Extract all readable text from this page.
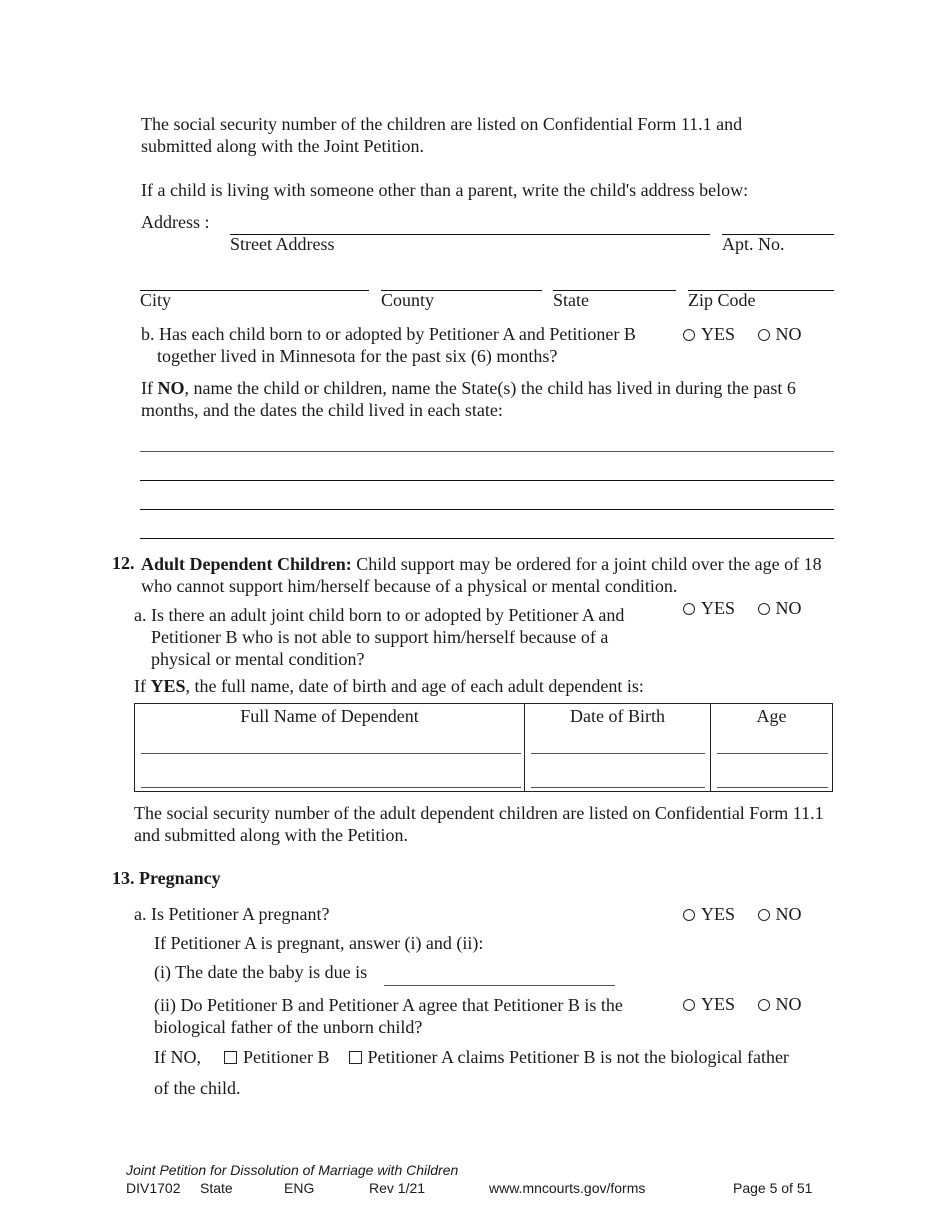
The social security number of the children are listed on Confidential Form 11.1 and submitted along with the Joint Petition.
If a child is living with someone other than a parent, write the child's address below:
Address :
Street Address	Apt. No.
City	County	State	Zip Code
b. Has each child born to or adopted by Petitioner A and Petitioner B
together lived in Minnesota for the past six (6) months?
YES NO
If NO, name the child or children, name the State(s) the child has lived in during the past 6 months, and the dates the child lived in each state:
12. Adult Dependent Children: Child support may be ordered for a joint child over the age of 18 who cannot support him/herself because of a physical or mental condition.
a. Is there an adult joint child born to or adopted by Petitioner A and
Petitioner B who is not able to support him/herself because of a
physical or mental condition?
YES NO
If YES, the full name, date of birth and age of each adult dependent is:
Full Name of Dependent	Date of Birth	Age
The social security number of the adult dependent children are listed on Confidential Form 11.1 and submitted along with the Petition.
13. Pregnancy
a. Is Petitioner A pregnant?	YES NO
If Petitioner A is pregnant, answer (i) and (ii):
(i) The date the baby is due is
(ii) Do Petitioner B and Petitioner A agree that Petitioner B is the biological father of the unborn child?
YES NO
If NO, Petitioner B Petitioner A claims Petitioner B is not the biological father
of the child.
Joint Petition for Dissolution of Marriage with Children
DIV1702 State	ENG	Rev 1/21	www.mncourts.gov/forms	Page 5 of 51
